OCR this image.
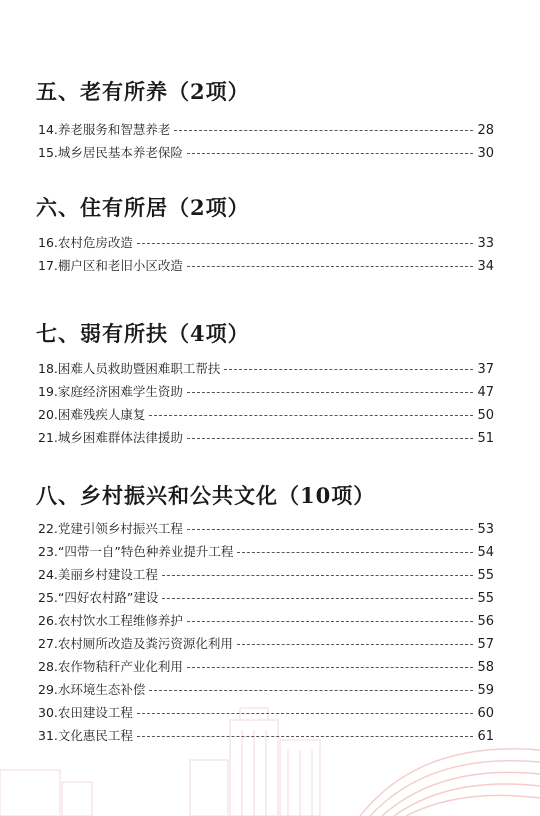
五、老有所养（2项）
14.养老服务和智慧养老	28
15.城乡居民基本养老保险	30
六、住有所居（2项）
16.农村危房改造	33
17.棚户区和老旧小区改造	34
七、弱有所扶（4项）
18.困难人员救助暨困难职工帮扶	37
19.家庭经济困难学生资助	47
20.困难残疾人康复	50
21.城乡困难群体法律援助	51
八、乡村振兴和公共文化（10项）
22.党建引领乡村振兴工程	53
23.“四带一自”特色种养业提升工程	54
24.美丽乡村建设工程	55
25.“四好农村路”建设	55
26.农村饮水工程维修养护	56
27.农村厕所改造及粪污资源化利用	57
28.农作物秸秆产业化利用	58
29.水环境生态补偿	59
30.农田建设工程	60
31.文化惠民工程	61
